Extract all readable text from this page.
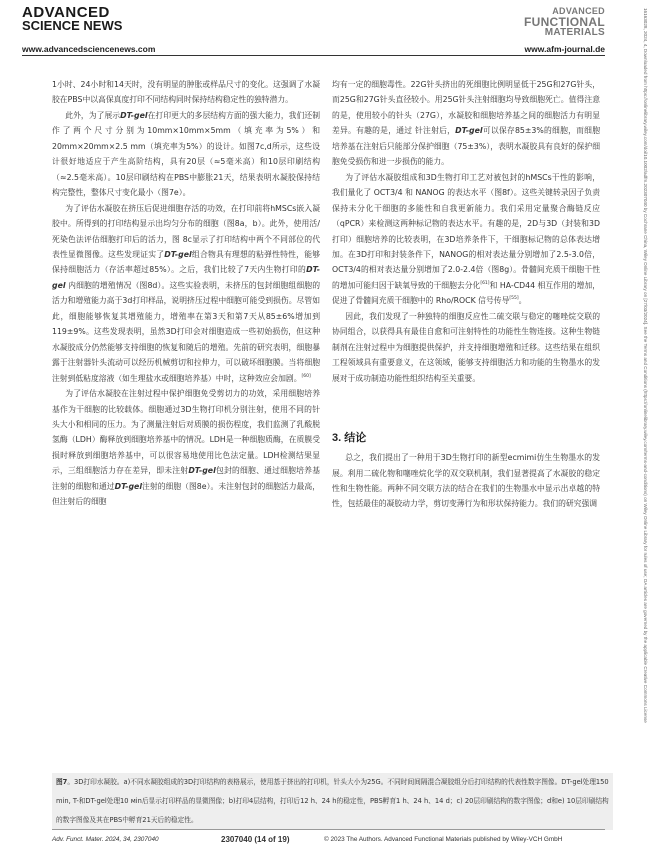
ADVANCED
SCIENCE NEWS
ADVANCED
FUNCTIONAL
MATERIALS
www.advancedsciencenews.com	www.afm-journal.de	16163028, 2024, 4, Downloaded from https://onlinelibrary.wiley.com/doi/10.1002/adfm.202307040 by Cochrane China, Wiley Online Library on [27/03/2024]. See the Terms and Conditions (https://onlinelibrary.wiley.com/terms-and-conditions) on Wiley Online Library for rules of use; OA articles are governed by the applicable Creative Commons License

1小时、24小时和14天时，没有明显的肿胀或样品尺寸的变化。这强调了水凝胶在PBS中以高保真度打印不同结构同时保持结构稳定性的独特潜力。

此外，为了展示DT-gel在打印更大的多层结构方面的强大能力，我们还制作了两个尺寸分别为10mm×10mm×5mm（填充率为5%）和20mm×20mm×2.5 mm（填充率为5%）的设计。如图7c,d所示，这些设计很好地适应于产生高阶结构，具有20层（≈5毫米高）和10层印刷结构（≈2.5毫米高）。10层印刷结构在PBS中膨胀21天，结果表明水凝胶保持结构完整性，整体尺寸变化最小（图7e）。

为了评估水凝胶在挤压后促进细胞存活的功效，在打印前将hMSCs嵌入凝胶中。所得到的打印结构显示出均匀分布的细胞（图8a，b）。此外，使用活/死染色法评估细胞打印后的活力，图 8c显示了打印结构中两个不同部位的代表性显微图像。这些发现证实了DT-gel组合物具有理想的粘弹性特性，能够保持细胞活力（存活率超过85%）。之后，我们比较了7天内生物打印的DT-gel 内细胞的增殖情况（图8d）。这些实验表明，未挤压的包封细胞组细胞的活力和增殖能力高于3d打印样品，说明挤压过程中细胞可能受到损伤。尽管如此，细胞能够恢复其增殖能力，增殖率在第3天和第7天从85±6%增加到119±9%。这些发现表明，虽然3D打印会对细胞造成一些初始损伤，但这种水凝胶成分仍然能够支持细胞的恢复和随后的增殖。先前的研究表明，细胞暴露于注射器针头流动可以经历机械剪切和拉伸力，可以破坏细胞膜。当将细胞注射到低粘度溶液（如生理盐水或细胞培养基）中时，这种效应会加剧。[60]

为了评估水凝胶在注射过程中保护细胞免受剪切力的功效，采用细胞培养基作为干细胞的比较载体。细胞通过3D生物打印机分别注射，使用不同的针头大小和相同的压力。为了测量注射后对质膜的损伤程度，我们监测了乳酸脱氢酶（LDH）酶释放到细胞培养基中的情况。LDH是一种细胞质酶，在质膜受损时释放到细胞培养基中，可以很容易地使用比色法定量。LDH检测结果显示，三组细胞活力存在差异，即未注射DT-gel包封的细胞、通过细胞培养基注射的细胞和通过DT-gel注射的细胞（图8e）。未注射包封的细胞活力最高，但注射后的细胞

均有一定的细胞毒性。22G针头挤出的死细胞比例明显低于25G和27G针头，而25G和27G针头直径较小。用25G针头注射细胞均导致细胞死亡。值得注意的是，使用较小的针头（27G），水凝胶和细胞培养基之间的细胞活力有明显差异。有趣的是，通过 针注射后，DT-gel可以保存85±3%的细胞，而细胞培养基在注射后只能部分保护细胞（75±3%），表明水凝胶具有良好的保护细胞免受损伤和进一步损伤的能力。

为了评估水凝胶组成和3D生物打印工艺对被包封的hMSCs干性的影响，我们量化了 OCT3/4 和 NANOG 的表达水平（图8f）。这些关键转录因子负责保持未分化干细胞的多能性和自我更新能力。我们采用定量聚合酶链反应（qPCR）来检测这两种标记物的表达水平。有趣的是，2D与3D（封装和3D打印）细胞培养的比较表明，在3D培养条件下，干细胞标记物的总体表达增加。在3D打印和封装条件下，NANOG的相对表达量分别增加了2.5-3.0倍，OCT3/4的相对表达量分别增加了2.0-2.4倍（图8g）。骨髓间充质干细胞干性的增加可能归因于缺氧导致的干细胞去分化[61]和 HA-CD44 相互作用的增加，促进了骨髓间充质干细胞中的 Rho/ROCK 信号传导[55]。

因此，我们发现了一种独特的细胞反应性二硫交联与稳定的噻唑烷交联的协同组合，以获得具有最佳自愈和可注射特性的功能性生物连接。这种生物链制剂在注射过程中为细胞提供保护，并支持细胞增殖和迁移。这些结果在组织工程领域具有重要意义，在这领域，能够支持细胞活力和功能的生物墨水的发展对于成功制造功能性组织结构至关重要。

3. 结论

总之，我们提出了一种用于3D生物打印的新型ecmimi仿生生物墨水的发展。利用二硫化物和噻唑烷化学的双交联机制，我们显著提高了水凝胶的稳定性和生物性能。两种不同交联方法的结合在我们的生物墨水中显示出卓越的特性，包括最佳的凝胶动力学，剪切变薄行为和形状保持能力。我们的研究强调

图7。3D打印水凝胶。a)不同水凝胶组成的3D打印结构的表格展示，使用基于挤出的打印机，针头大小为25G。不同时间间隔混合凝胶组分后打印结构的代表性数字图像。DT-gel处理150 min, T-和DT-gel处理10 мin后显示打印样品的显微图像；b)打印4层结构，打印后12 h、24 h的稳定性，PBS孵育1 h、24 h、14 d；c) 20层印刷结构的数字图像；d和e) 10层印刷结构的数字图像及其在PBS中孵育21天后的稳定性。
Adv. Funct. Mater. 2024, 34, 2307040	2307040 (14 of 19)	© 2023 The Authors. Advanced Functional Materials published by Wiley-VCH GmbH
